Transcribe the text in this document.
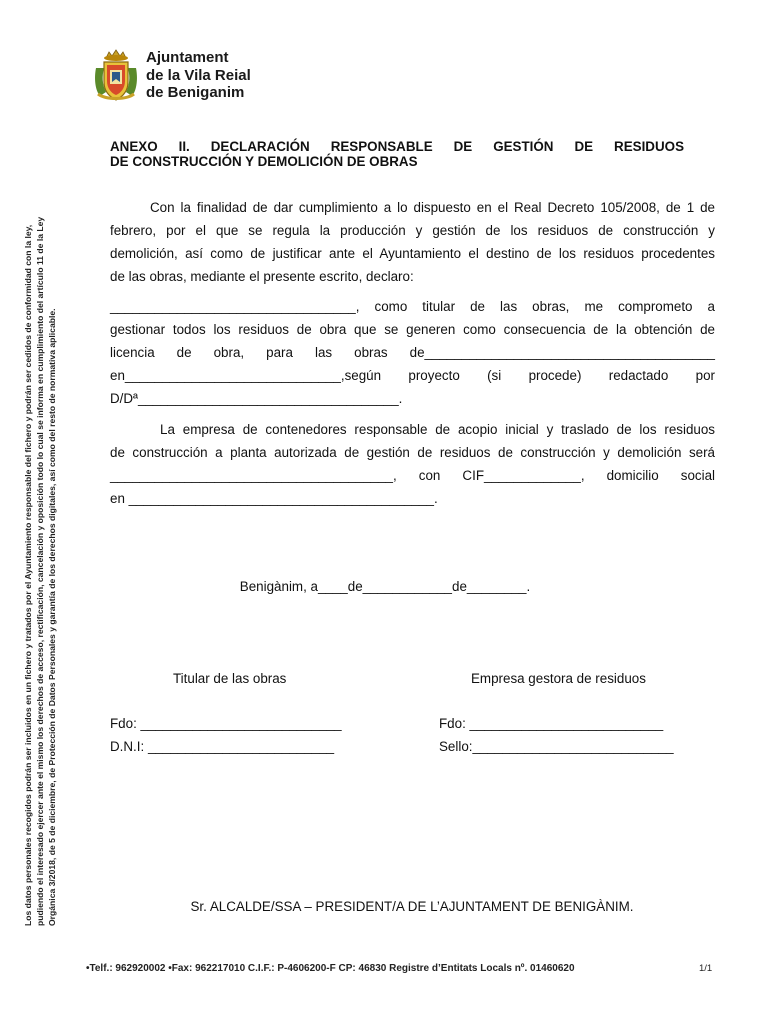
Ajuntament
de la Vila Reial
de Beniganim
Los datos personales recogidos podrán ser incluidos en un fichero y tratados por el Ayuntamiento responsable del fichero y podrán ser cedidos de conformidad con la ley, pudiendo el interesado ejercer ante el mismo los derechos de acceso, rectificación, cancelación y oposición todo lo cual se informa en cumplimiento del artículo 11 de la Ley Orgánica 3/2018, de 5 de diciembre, de Protección de Datos Personales y garantía de los derechos digitales, así como del resto de normativa aplicable.
ANEXO II. DECLARACIÓN RESPONSABLE DE GESTIÓN DE RESIDUOS
DE CONSTRUCCIÓN Y DEMOLICIÓN DE OBRAS
Con la finalidad de dar cumplimiento a lo dispuesto en el Real Decreto 105/2008, de 1 de
febrero, por el que se regula la producción y gestión de los residuos de construcción y
demolición, así como de justificar ante el Ayuntamiento el destino de los residuos procedentes
de las obras, mediante el presente escrito, declaro:
_________________________________, como titular de las obras, me comprometo a
gestionar todos los residuos de obra que se generen como consecuencia de la obtención de
licencia de obra, para las obras de_______________________________________
en_____________________________,según proyecto (si procede) redactado por
D/Dª___________________________________.
La empresa de contenedores responsable de acopio inicial y traslado de los residuos
de construcción a planta autorizada de gestión de residuos de construcción y demolición será
______________________________________, con CIF_____________, domicilio social
en _________________________________________.
Benigànim, a____de____________de________.
Titular de las obras	Empresa gestora de residuos
Fdo: ___________________________
D.N.I: _________________________
Fdo: __________________________
Sello:___________________________
Sr. ALCALDE/SSA – PRESIDENT/A DE L’AJUNTAMENT DE BENIGÀNIM.
•Telf.: 962920002 •Fax: 962217010 C.I.F.: P-4606200-F CP: 46830 Registre d’Entitats Locals nº. 01460620	1/1
